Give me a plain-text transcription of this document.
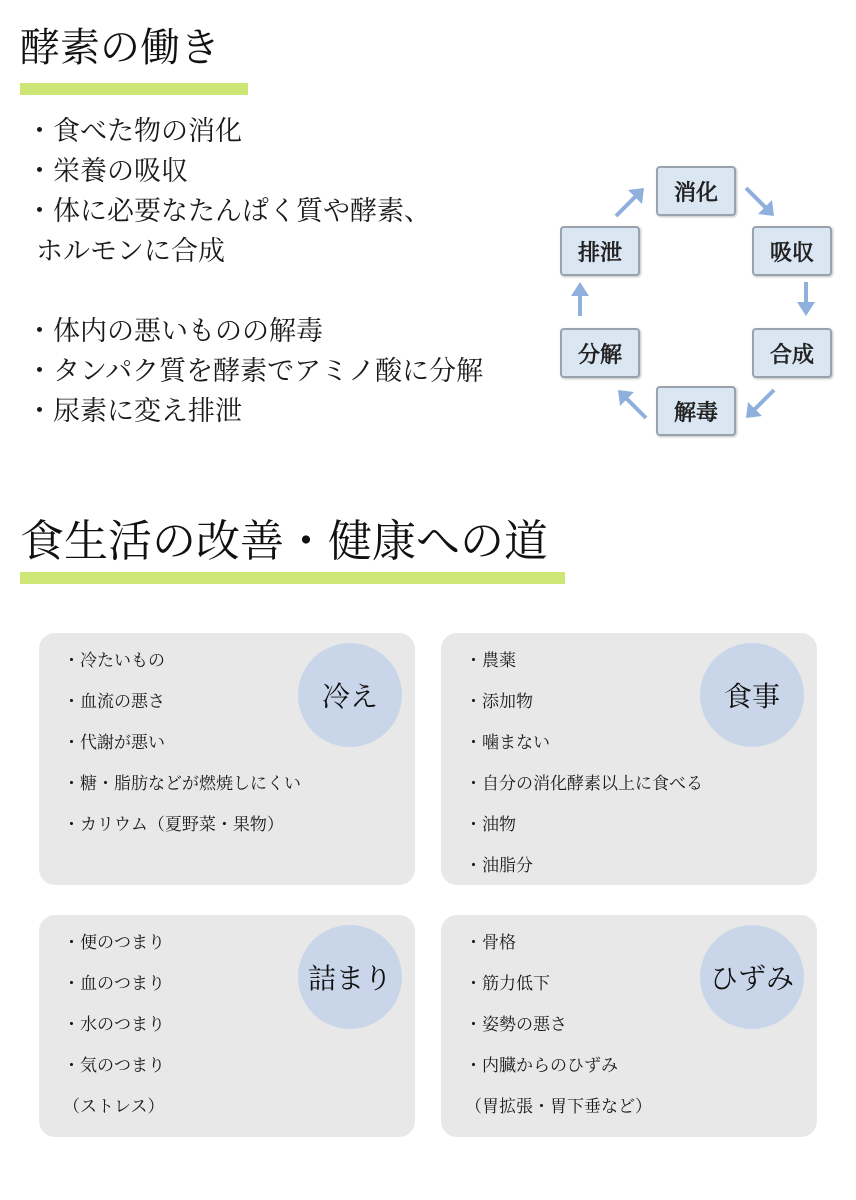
酵素の働き
・食べた物の消化
・栄養の吸収
・体に必要なたんぱく質や酵素、
ホルモンに合成
・体内の悪いものの解毒
・タンパク質を酵素でアミノ酸に分解
・尿素に変え排泄
消化
吸収
合成
解毒
分解
排泄
食生活の改善・健康への道
・冷たいもの
・血流の悪さ
・代謝が悪い
・糖・脂肪などが燃焼しにくい
・カリウム（夏野菜・果物）
冷え
・農薬
・添加物
・噛まない
・自分の消化酵素以上に食べる
・油物
・油脂分
食事
・便のつまり
・血のつまり
・水のつまり
・気のつまり
（ストレス）
詰まり
・骨格
・筋力低下
・姿勢の悪さ
・内臓からのひずみ
（胃拡張・胃下垂など）
ひずみ
